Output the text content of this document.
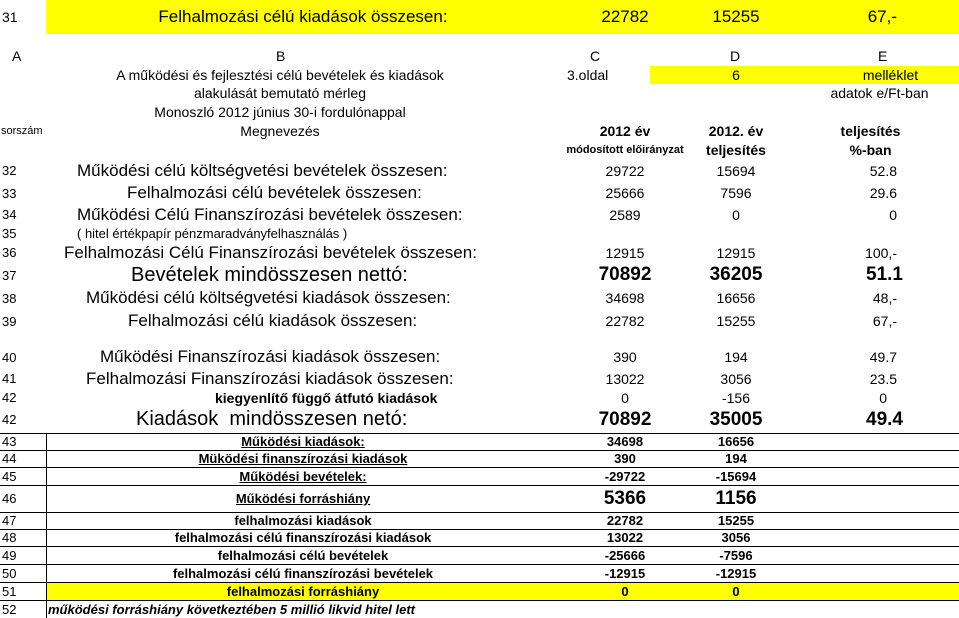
31	Felhalmozási célú kiadások összesen:	22782	15255	67,-
A	B	C	D	E
A működési és fejlesztési célú bevételek és kiadások	3.oldal	6	melléklet
alakulását bemutató mérleg	adatok e/Ft-ban
Monoszló 2012 június 30-i fordulónappal
sorszám	Megnevezés	2012 év	2012. év	teljesítés
módosított előirányzat	teljesítés	%-ban
32	Működési célú költségvetési bevételek összesen:	29722	15694	52.8
33	Felhalmozási célú bevételek összesen:	25666	7596	29.6
34	Működési Célú Finanszírozási bevételek összesen:	2589	0	0
35	( hitel értékpapír pénzmaradványfelhasználás )
36	Felhalmozási Célú Finanszírozási bevételek összesen:	12915	12915	100,-
37	Bevételek mindösszesen nettó:	70892	36205	51.1
38	Működési célú költségvetési kiadások összesen:	34698	16656	48,-
39	Felhalmozási célú kiadások összesen:	22782	15255	67,-
40	Működési Finanszírozási kiadások összesen:	390	194	49.7
41	Felhalmozási Finanszírozási kiadások összesen:	13022	3056	23.5
42	kiegyenlítő függő átfutó kiadások	0	-156	0
42	Kiadások  mindösszesen netó:	70892	35005	49.4
43	Működési kiadások:	34698	16656
44	Müködési finanszírozási kiadások	390	194
45	Működési bevételek:	-29722	-15694
46	Működési forráshiány	5366	1156
47	felhalmozási kiadások	22782	15255
48	felhalmozási célú finanszírozási kiadások	13022	3056
49	felhalmozási célú bevételek	-25666	-7596
50	felhalmozási célú finanszírozási bevételek	-12915	-12915
51	felhalmozási forráshiány	0	0
52	működési forráshiány következtében 5 millió likvid hitel lett
